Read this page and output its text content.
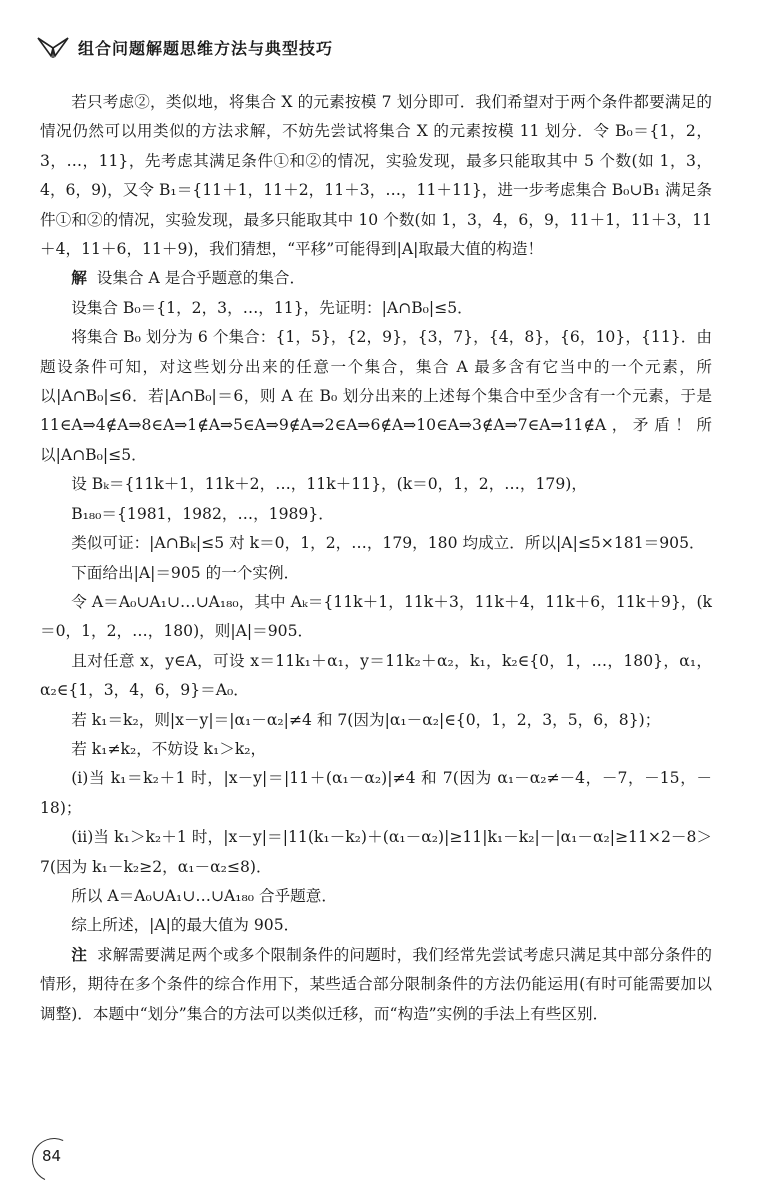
组合问题解题思维方法与典型技巧

若只考虑②，类似地，将集合 X 的元素按模 7 划分即可．我们希望对于两个条件都要满足的情况仍然可以用类似的方法求解，不妨先尝试将集合 X 的元素按模 11 划分．令 B₀＝{1，2，3，…，11}，先考虑其满足条件①和②的情况，实验发现，最多只能取其中 5 个数(如 1，3，4，6，9)，又令 B₁＝{11＋1，11＋2，11＋3，…，11＋11}，进一步考虑集合 B₀∪B₁ 满足条件①和②的情况，实验发现，最多只能取其中 10 个数(如 1，3，4，6，9，11＋1，11＋3，11＋4，11＋6，11＋9)，我们猜想，“平移”可能得到|A|取最大值的构造！

解 设集合 A 是合乎题意的集合．

设集合 B₀＝{1，2，3，…，11}，先证明：|A∩B₀|≤5．

将集合 B₀ 划分为 6 个集合：{1，5}，{2，9}，{3，7}，{4，8}，{6，10}，{11}．由题设条件可知，对这些划分出来的任意一个集合，集合 A 最多含有它当中的一个元素，所以|A∩B₀|≤6．若|A∩B₀|＝6，则 A 在 B₀ 划分出来的上述每个集合中至少含有一个元素，于是 11∈A⇒4∉A⇒8∈A⇒1∉A⇒5∈A⇒9∉A⇒2∈A⇒6∉A⇒10∈A⇒3∉A⇒7∈A⇒11∉A，矛盾！所以|A∩B₀|≤5．

设 Bₖ＝{11k＋1，11k＋2，…，11k＋11}，(k＝0，1，2，…，179)，

B₁₈₀＝{1981，1982，…，1989}．

类似可证：|A∩Bₖ|≤5 对 k＝0，1，2，…，179，180 均成立．所以|A|≤5×181＝905．

下面给出|A|＝905 的一个实例．

令 A＝A₀∪A₁∪…∪A₁₈₀，其中 Aₖ＝{11k＋1，11k＋3，11k＋4，11k＋6，11k＋9}，(k＝0，1，2，…，180)，则|A|＝905．

且对任意 x，y∈A，可设 x＝11k₁＋α₁，y＝11k₂＋α₂，k₁，k₂∈{0，1，…，180}，α₁，α₂∈{1，3，4，6，9}＝A₀．

若 k₁＝k₂，则|x－y|＝|α₁－α₂|≠4 和 7(因为|α₁－α₂|∈{0，1，2，3，5，6，8})；

若 k₁≠k₂，不妨设 k₁＞k₂，

(i)当 k₁＝k₂＋1 时，|x－y|＝|11＋(α₁－α₂)|≠4 和 7(因为 α₁－α₂≠－4，－7，－15，－18)；

(ii)当 k₁＞k₂＋1 时，|x－y|＝|11(k₁－k₂)＋(α₁－α₂)|≥11|k₁－k₂|－|α₁－α₂|≥11×2－8＞7(因为 k₁－k₂≥2，α₁－α₂≤8)．

所以 A＝A₀∪A₁∪…∪A₁₈₀ 合乎题意．

综上所述，|A|的最大值为 905．

注 求解需要满足两个或多个限制条件的问题时，我们经常先尝试考虑只满足其中部分条件的情形，期待在多个条件的综合作用下，某些适合部分限制条件的方法仍能运用(有时可能需要加以调整)．本题中“划分”集合的方法可以类似迁移，而“构造”实例的手法上有些区别．

84
